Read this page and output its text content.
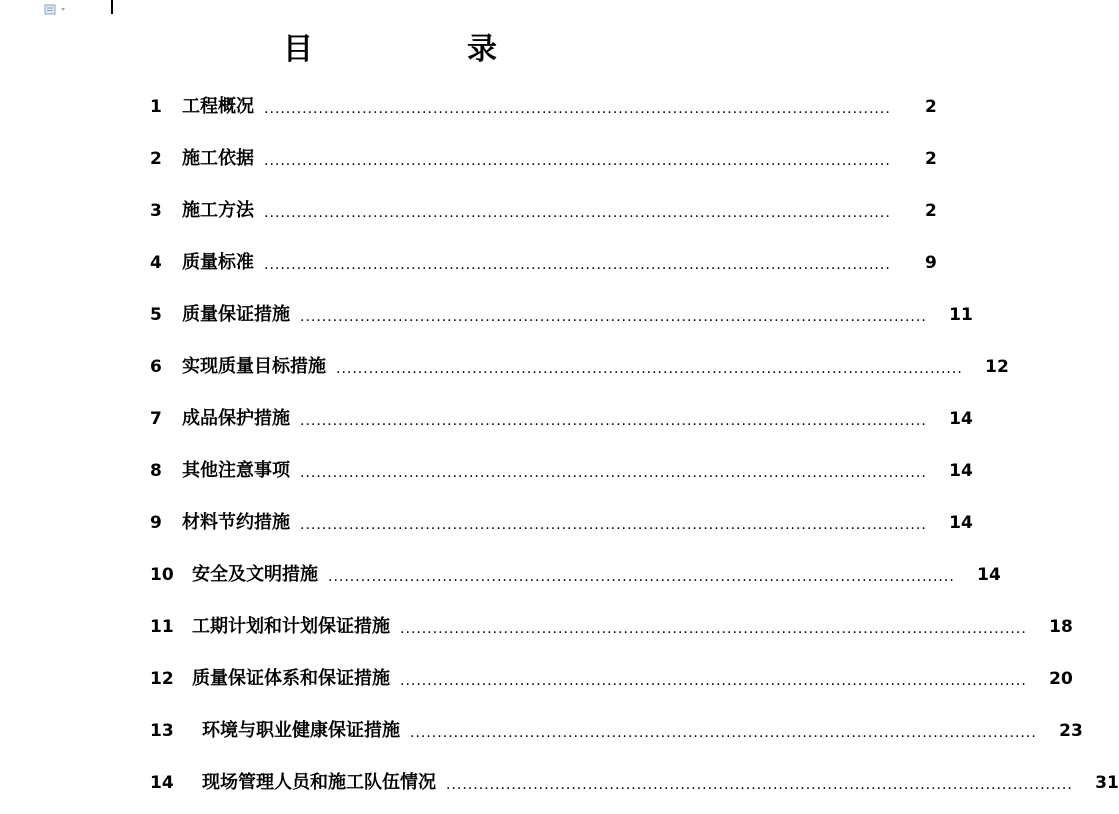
目　录
1	工程概况 ...................................................................................................................	2
2	施工依据 ...................................................................................................................	2
3	施工方法 ...................................................................................................................	2
4	质量标准 ...................................................................................................................	9
5	质量保证措施 ...................................................................................................................	11
6	实现质量目标措施 ...................................................................................................................	12
7	成品保护措施 ...................................................................................................................	14
8	其他注意事项 ...................................................................................................................	14
9	材料节约措施 ...................................................................................................................	14
10	安全及文明措施 ...................................................................................................................	14
11	工期计划和计划保证措施 ...................................................................................................................	18
12	质量保证体系和保证措施 ...................................................................................................................	20
13	环境与职业健康保证措施 ...................................................................................................................	23
14	现场管理人员和施工队伍情况 ...................................................................................................................	31
